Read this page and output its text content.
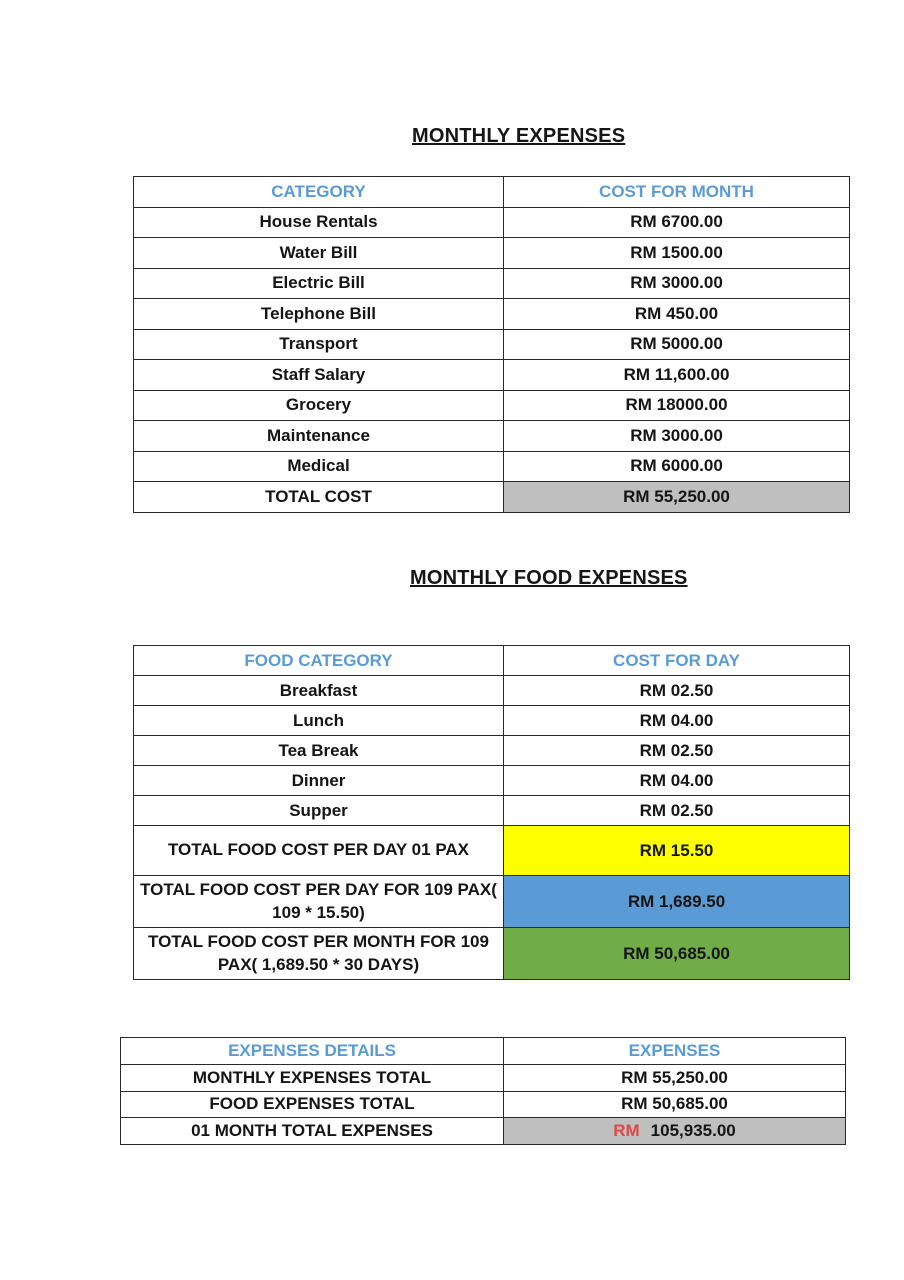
MONTHLY EXPENSES
CATEGORY	COST FOR MONTH
House Rentals	RM 6700.00
Water Bill	RM 1500.00
Electric Bill	RM 3000.00
Telephone Bill	RM 450.00
Transport	RM 5000.00
Staff Salary	RM 11,600.00
Grocery	RM 18000.00
Maintenance	RM 3000.00
Medical	RM 6000.00
TOTAL COST	RM 55,250.00
MONTHLY FOOD EXPENSES
FOOD CATEGORY	COST FOR DAY
Breakfast	RM 02.50
Lunch	RM 04.00
Tea Break	RM 02.50
Dinner	RM 04.00
Supper	RM 02.50
TOTAL FOOD COST PER DAY 01 PAX	RM 15.50
TOTAL FOOD COST PER DAY FOR 109 PAX( 109 * 15.50)	RM 1,689.50
TOTAL FOOD COST PER MONTH FOR 109 PAX( 1,689.50 * 30 DAYS)	RM 50,685.00
EXPENSES DETAILS	EXPENSES
MONTHLY EXPENSES TOTAL	RM 55,250.00
FOOD EXPENSES TOTAL	RM 50,685.00
01 MONTH TOTAL EXPENSES	RM 105,935.00
